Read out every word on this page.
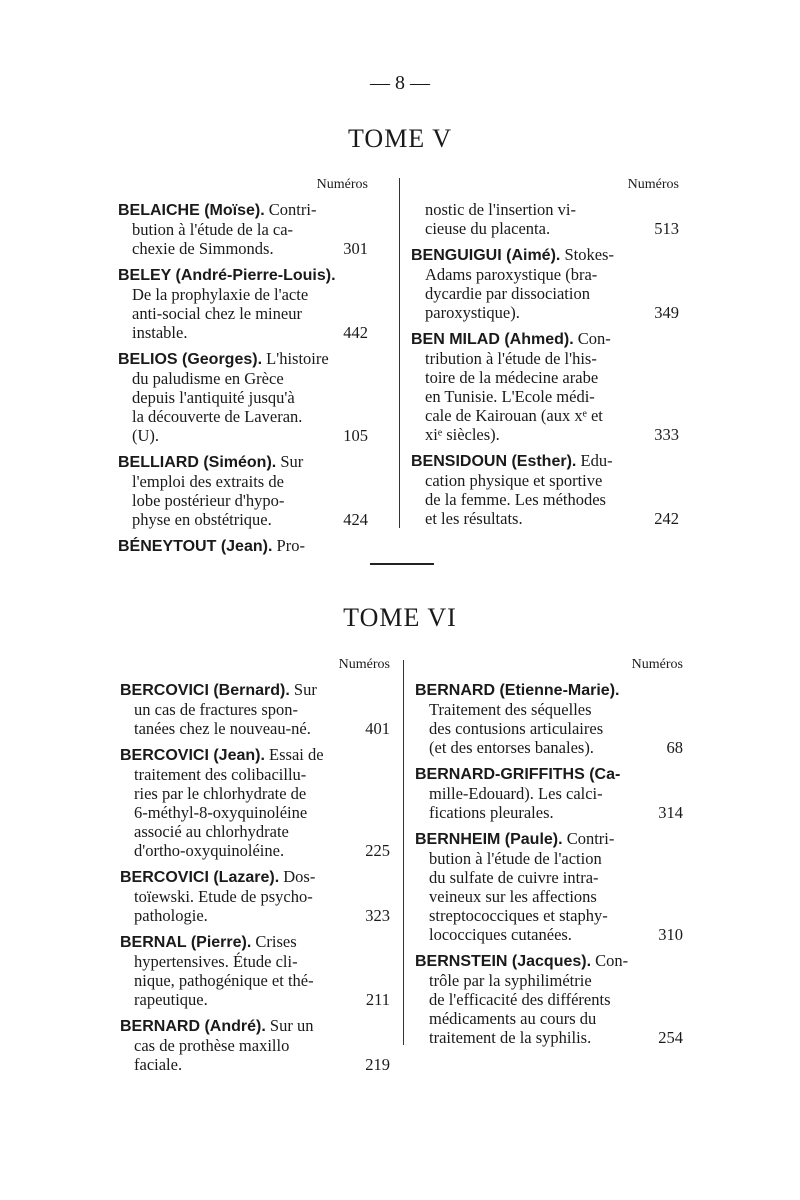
— 8 —
TOME V
Numéros
BELAICHE (Moïse). Contri-
bution à l'étude de la ca-
chexie de Simmonds.	301
BELEY (André-Pierre-Louis).
De la prophylaxie de l'acte
anti-social chez le mineur
instable.	442
BELIOS (Georges). L'histoire
du paludisme en Grèce
depuis l'antiquité jusqu'à
la découverte de Laveran.
(U).	105
BELLIARD (Siméon). Sur
l'emploi des extraits de
lobe postérieur d'hypo-
physe en obstétrique.	424
BÉNEYTOUT (Jean). Pro-
Numéros
nostic de l'insertion vi-
cieuse du placenta.	513
BENGUIGUI (Aimé). Stokes-
Adams paroxystique (bra-
dycardie par dissociation
paroxystique).	349
BEN MILAD (Ahmed). Con-
tribution à l'étude de l'his-
toire de la médecine arabe
en Tunisie. L'Ecole médi-
cale de Kairouan (aux xᵉ et
xiᵉ siècles).	333
BENSIDOUN (Esther). Edu-
cation physique et sportive
de la femme. Les méthodes
et les résultats.	242
TOME VI
Numéros
BERCOVICI (Bernard). Sur
un cas de fractures spon-
tanées chez le nouveau-né.	401
BERCOVICI (Jean). Essai de
traitement des colibacillu-
ries par le chlorhydrate de
6-méthyl-8-oxyquinoléine
associé au chlorhydrate
d'ortho-oxyquinoléine.	225
BERCOVICI (Lazare). Dos-
toïewski. Etude de psycho-
pathologie.	323
BERNAL (Pierre). Crises
hypertensives. Étude cli-
nique, pathogénique et thé-
rapeutique.	211
BERNARD (André). Sur un
cas de prothèse maxillo
faciale.	219
Numéros
BERNARD (Etienne-Marie).
Traitement des séquelles
des contusions articulaires
(et des entorses banales).	68
BERNARD-GRIFFITHS (Ca-
mille-Edouard). Les calci-
fications pleurales.	314
BERNHEIM (Paule). Contri-
bution à l'étude de l'action
du sulfate de cuivre intra-
veineux sur les affections
streptococciques et staphy-
lococciques cutanées.	310
BERNSTEIN (Jacques). Con-
trôle par la syphilimétrie
de l'efficacité des différents
médicaments au cours du
traitement de la syphilis.	254
